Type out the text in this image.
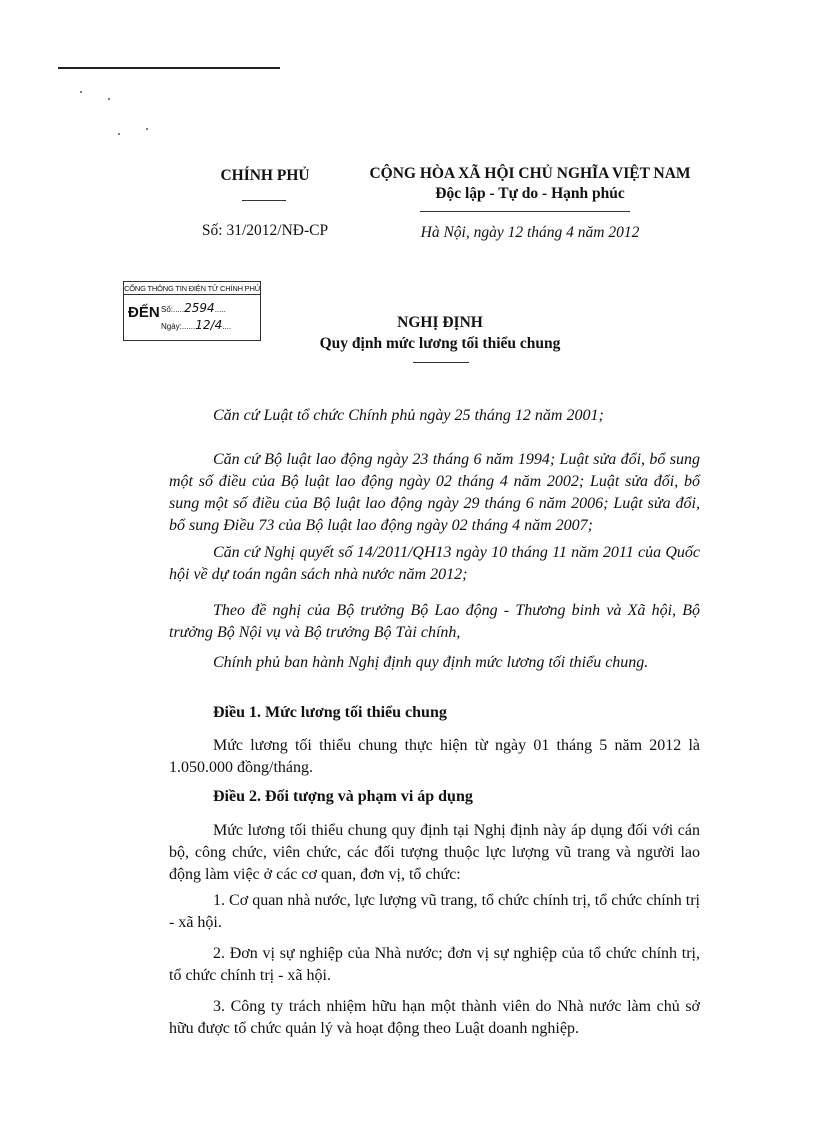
CHÍNH PHỦ
Số: 31/2012/NĐ-CP
CỘNG HÒA XÃ HỘI CHỦ NGHĨA VIỆT NAM
Độc lập - Tự do - Hạnh phúc
Hà Nội, ngày 12 tháng 4 năm 2012
CỔNG THÔNG TIN ĐIỆN TỬ CHÍNH PHỦ
ĐẾN Số:.....2594.....
Ngày:......12/4....	NGHỊ ĐỊNH
Quy định mức lương tối thiểu chung
Căn cứ Luật tổ chức Chính phủ ngày 25 tháng 12 năm 2001;
Căn cứ Bộ luật lao động ngày 23 tháng 6 năm 1994; Luật sửa đổi, bổ sung một số điều của Bộ luật lao động ngày 02 tháng 4 năm 2002; Luật sửa đổi, bổ sung một số điều của Bộ luật lao động ngày 29 tháng 6 năm 2006; Luật sửa đổi, bổ sung Điều 73 của Bộ luật lao động ngày 02 tháng 4 năm 2007;
Căn cứ Nghị quyết số 14/2011/QH13 ngày 10 tháng 11 năm 2011 của Quốc hội về dự toán ngân sách nhà nước năm 2012;
Theo đề nghị của Bộ trưởng Bộ Lao động - Thương binh và Xã hội, Bộ trưởng Bộ Nội vụ và Bộ trưởng Bộ Tài chính,
Chính phủ ban hành Nghị định quy định mức lương tối thiểu chung.
Điều 1. Mức lương tối thiểu chung
Mức lương tối thiểu chung thực hiện từ ngày 01 tháng 5 năm 2012 là 1.050.000 đồng/tháng.
Điều 2. Đối tượng và phạm vi áp dụng
Mức lương tối thiểu chung quy định tại Nghị định này áp dụng đối với cán bộ, công chức, viên chức, các đối tượng thuộc lực lượng vũ trang và người lao động làm việc ở các cơ quan, đơn vị, tổ chức:
1. Cơ quan nhà nước, lực lượng vũ trang, tổ chức chính trị, tổ chức chính trị - xã hội.
2. Đơn vị sự nghiệp của Nhà nước; đơn vị sự nghiệp của tổ chức chính trị, tổ chức chính trị - xã hội.
3. Công ty trách nhiệm hữu hạn một thành viên do Nhà nước làm chủ sở hữu được tổ chức quản lý và hoạt động theo Luật doanh nghiệp.
